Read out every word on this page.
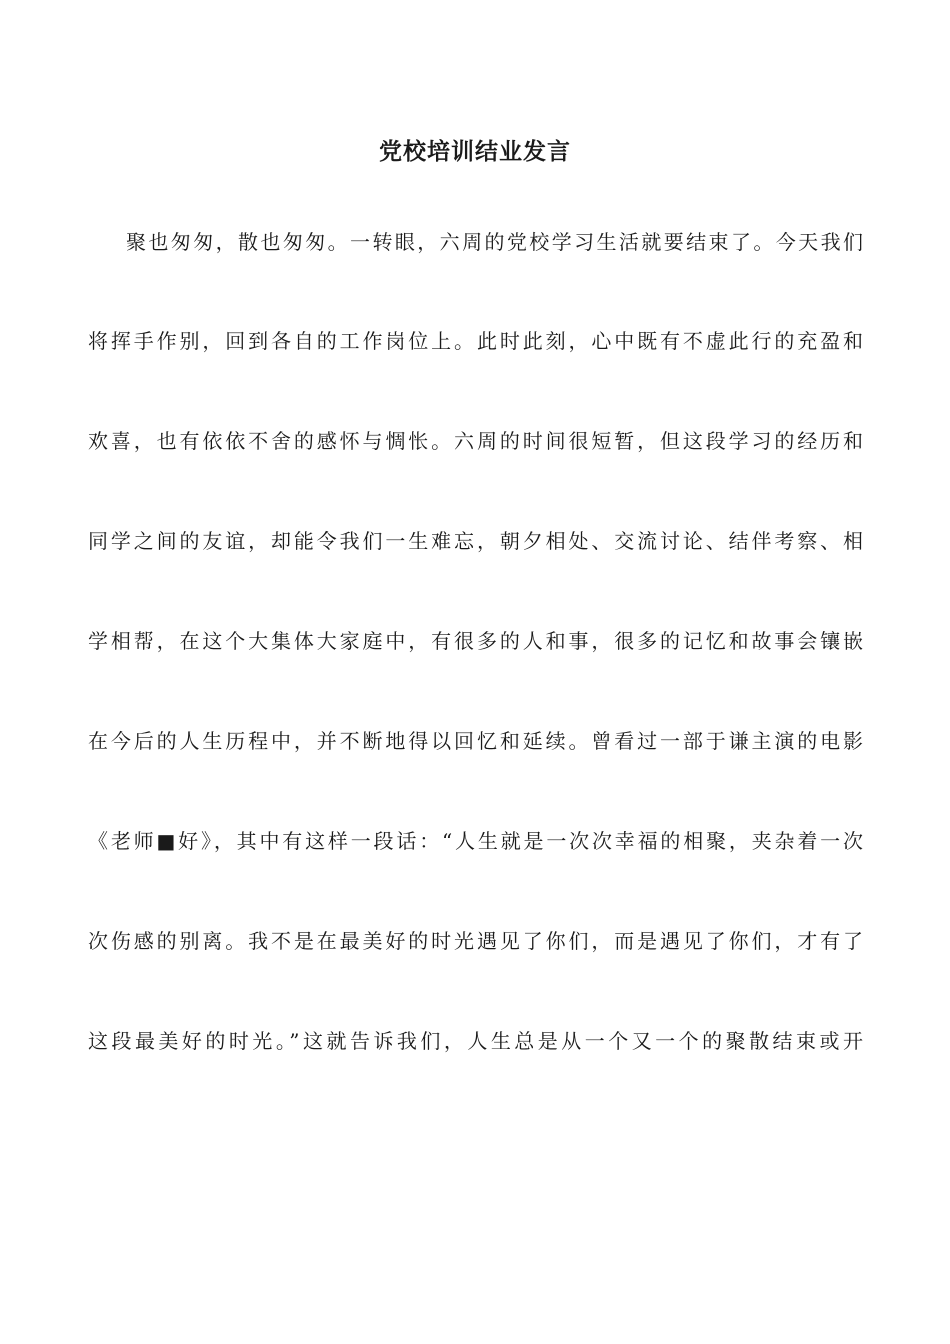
党校培训结业发言
聚也匆匆，散也匆匆。一转眼，六周的党校学习生活就要结束了。今天我们
将挥手作别，回到各自的工作岗位上。此时此刻，心中既有不虚此行的充盈和
欢喜，也有依依不舍的感怀与惆怅。六周的时间很短暂，但这段学习的经历和
同学之间的友谊，却能令我们一生难忘，朝夕相处、交流讨论、结伴考察、相
学相帮，在这个大集体大家庭中，有很多的人和事，很多的记忆和故事会镶嵌
在今后的人生历程中，并不断地得以回忆和延续。曾看过一部于谦主演的电影
《老师■好》，其中有这样一段话：“人生就是一次次幸福的相聚，夹杂着一次
次伤感的别离。我不是在最美好的时光遇见了你们，而是遇见了你们，才有了
这段最美好的时光。”这就告诉我们，人生总是从一个又一个的聚散结束或开
